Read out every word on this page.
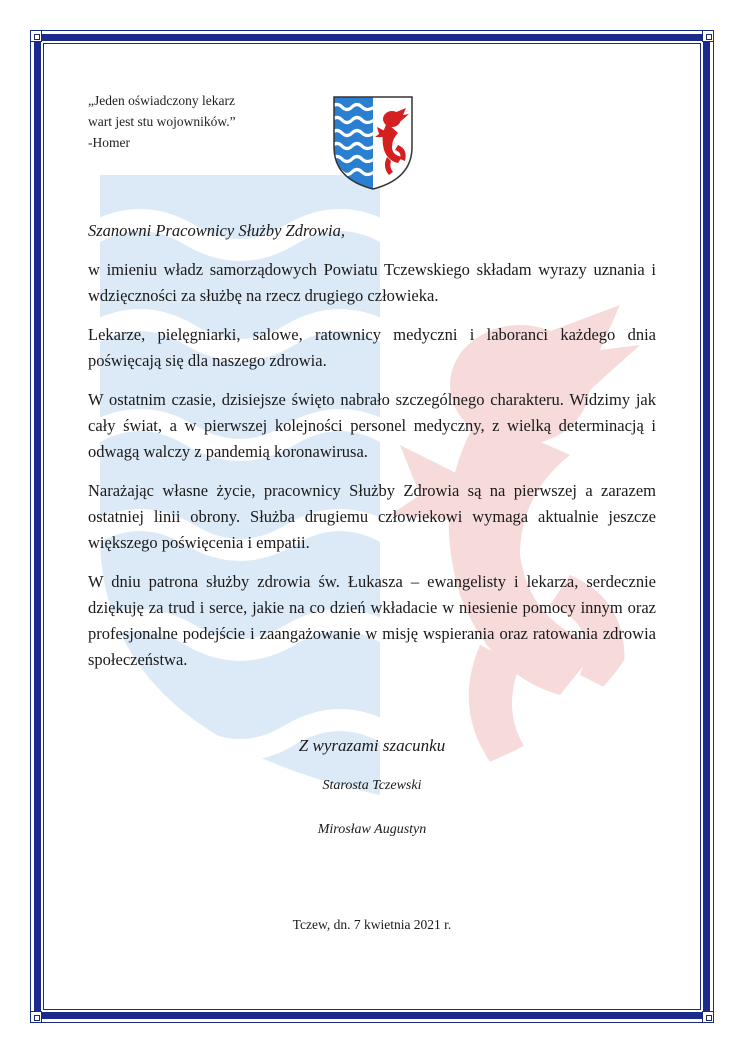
„Jeden oświadczony lekarz
wart jest stu wojowników.”
-Homer
Szanowni Pracownicy Służby Zdrowia,

w imieniu władz samorządowych Powiatu Tczewskiego składam wyrazy uznania i wdzięczności za służbę na rzecz drugiego człowieka.

Lekarze, pielęgniarki, salowe, ratownicy medyczni i laboranci każdego dnia poświęcają się dla naszego zdrowia.

W ostatnim czasie, dzisiejsze święto nabrało szczególnego charakteru. Widzimy jak cały świat, a w pierwszej kolejności personel medyczny, z wielką determinacją i odwagą walczy z pandemią koronawirusa.

Narażając własne życie, pracownicy Służby Zdrowia są na pierwszej a zarazem ostatniej linii obrony. Służba drugiemu człowiekowi wymaga aktualnie jeszcze większego poświęcenia i empatii.

W dniu patrona służby zdrowia św. Łukasza – ewangelisty i lekarza, serdecznie dziękuję za trud i serce, jakie na co dzień wkładacie w niesienie pomocy innym oraz profesjonalne podejście i zaangażowanie w misję wspierania oraz ratowania zdrowia społeczeństwa.

Z wyrazami szacunku
Starosta Tczewski
Mirosław Augustyn
Tczew, dn. 7 kwietnia 2021 r.
